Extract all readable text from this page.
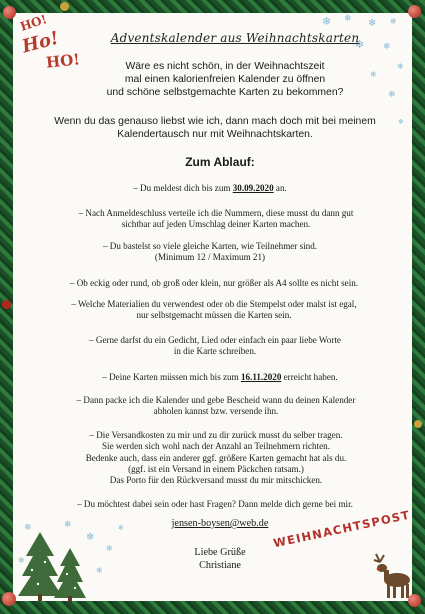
HO!
Ho!
HO!
❄ ❄ ❄ ❄
❄ ❄
❄
❄
❄
❄
❄	❄
❄
❄
❄
❄
❄
Adventskalender aus Weihnachtskarten
Wäre es nicht schön, in der Weihnachtszeit
mal einen kalorienfreien Kalender zu öffnen
und schöne selbstgemachte Karten zu bekommen?
Wenn du das genauso liebst wie ich, dann mach doch mit bei meinem
Kalendertausch nur mit Weihnachtskarten.
Zum Ablauf:
– Du meldest dich bis zum 30.09.2020 an.
– Nach Anmeldeschluss verteile ich die Nummern, diese musst du dann gut
sichtbar auf jeden Umschlag deiner Karten machen.
– Du bastelst so viele gleiche Karten, wie Teilnehmer sind.
(Minimum 12 / Maximum 21)
– Ob eckig oder rund, ob groß oder klein, nur größer als A4 sollte es nicht sein.
– Welche Materialien du verwendest oder ob die Stempelst oder malst ist egal,
nur selbstgemacht müssen die Karten sein.
– Gerne darfst du ein Gedicht, Lied oder einfach ein paar liebe Worte
in die Karte schreiben.
– Deine Karten müssen mich bis zum 16.11.2020 erreicht haben.
– Dann packe ich die Kalender und gebe Bescheid wann du deinen Kalender
abholen kannst bzw. versende ihn.
– Die Versandkosten zu mir und zu dir zurück musst du selber tragen.
Sie werden sich wohl nach der Anzahl an Teilnehmern richten.
Bedenke auch, dass ein anderer ggf. größere Karten gemacht hat als du.
(ggf. ist ein Versand in einem Päckchen ratsam.)
Das Porto für den Rückversand musst du mir mitschicken.
– Du möchtest dabei sein oder hast Fragen? Dann melde dich gerne bei mir.
jensen-boysen@web.de
Liebe Grüße
Christiane
WEIHNACHTSPOST
